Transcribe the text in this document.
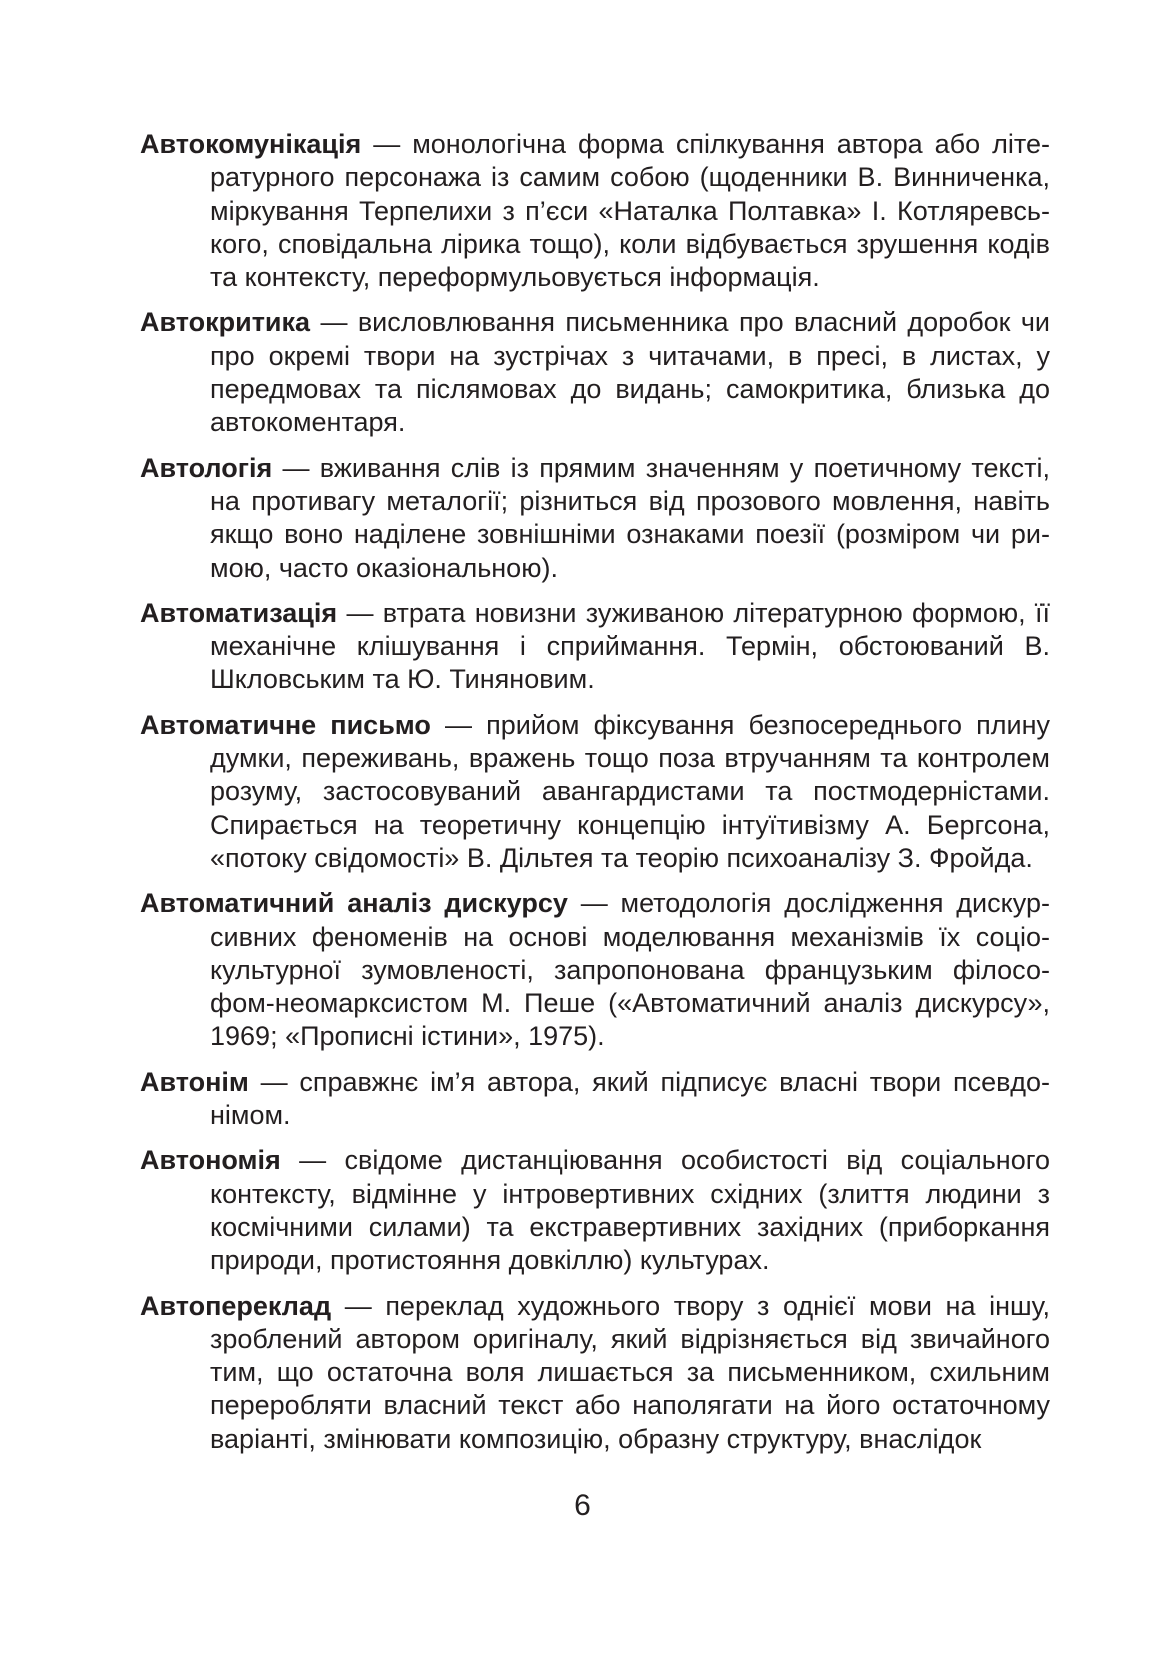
Автокомунікація — монологічна форма спілкування автора або літературного персонажа із самим собою (щоденники В. Винниченка, міркування Терпелихи з п’єси «Наталка Полтавка» І. Котляревського, сповідальна лірика тощо), коли відбувається зрушення кодів та контексту, переформульовується інформація.

Автокритика — висловлювання письменника про власний доробок чи про окремі твори на зустрічах з читачами, в пресі, в листах, у передмовах та післямовах до видань; самокритика, близька до автокоментаря.

Автологія — вживання слів із прямим значенням у поетичному тексті, на противагу металогії; різниться від прозового мовлення, навіть якщо воно наділене зовнішніми ознаками поезії (розміром чи римою, часто оказіональною).

Автоматизація — втрата новизни зуживаною літературною формою, її механічне клішування і сприймання. Термін, обстоюваний В. Шкловським та Ю. Тиняновим.

Автоматичне письмо — прийом фіксування безпосереднього плину думки, переживань, вражень тощо поза втручанням та контролем розуму, застосовуваний авангардистами та постмодерністами. Спирається на теоретичну концепцію інтуїтивізму А. Бергсона, «потоку свідомості» В. Дільтея та теорію психоаналізу З. Фройда.

Автоматичний аналіз дискурсу — методологія дослідження дискурсивних феноменів на основі моделювання механізмів їх соціокультурної зумовленості, запропонована французьким філософом-неомарксистом М. Пеше («Автоматичний аналіз дискурсу», 1969; «Прописні істини», 1975).

Автонім — справжнє ім’я автора, який підписує власні твори псевдонімом.

Автономія — свідоме дистанціювання особистості від соціального контексту, відмінне у інтровертивних східних (злиття людини з космічними силами) та екстравертивних західних (приборкання природи, протистояння довкіллю) культурах.

Автопереклад — переклад художнього твору з однієї мови на іншу, зроблений автором оригіналу, який відрізняється від звичайного тим, що остаточна воля лишається за письменником, схильним переробляти власний текст або наполягати на його остаточному варіанті, змінювати композицію, образну структуру, внаслідок

6
